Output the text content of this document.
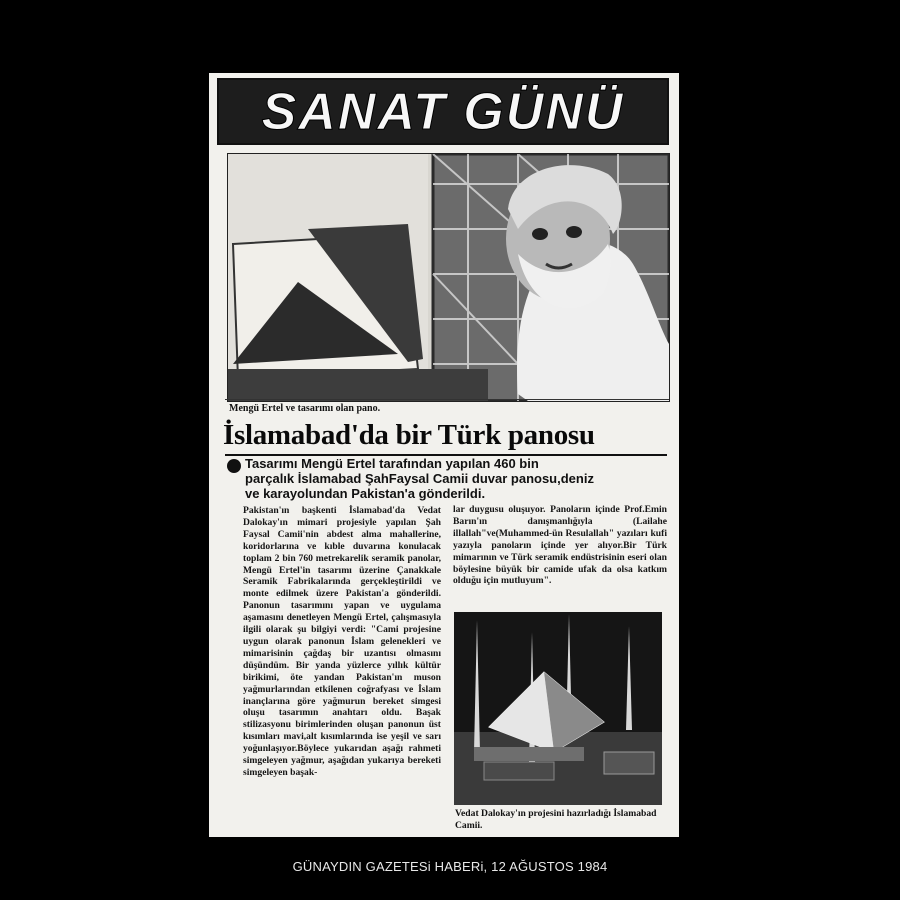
SANAT GÜNÜ
Mengü Ertel ve tasarımı olan pano.
İslamabad'da bir Türk panosu
Tasarımı Mengü Ertel tarafından yapılan 460 bin
parçalık İslamabad ŞahFaysal Camii duvar panosu,deniz
ve karayolundan Pakistan'a gönderildi.

Pakistan'ın başkenti İslamabad'da Vedat Dalokay'ın mimari projesiyle yapılan Şah Faysal Camii'nin abdest alma mahallerine, koridorlarına ve kıble duvarına konulacak toplam 2 bin 760 metrekarelik seramik panolar, Mengü Ertel'in tasarımı üzerine Çanakkale Seramik Fabrikalarında gerçekleştirildi ve monte edilmek üzere Pakistan'a gönderildi. Panonun tasarımını yapan ve uygulama aşamasını denetleyen Mengü Ertel, çalışmasıyla ilgili olarak şu bilgiyi verdi: "Cami projesine uygun olarak panonun İslam gelenekleri ve mimarisinin çağdaş bir uzantısı olmasını düşündüm. Bir yanda yüzlerce yıllık kültür birikimi, öte yandan Pakistan'ın muson yağmurlarından etkilenen coğrafyası ve İslam inançlarına göre yağmurun bereket simgesi oluşu tasarımın anahtarı oldu. Başak stilizasyonu birimlerinden oluşan panonun üst kısımları mavi,alt kısımlarında ise yeşil ve sarı yoğunlaşıyor.Böylece yukarıdan aşağı rahmeti simgeleyen yağmur, aşağıdan yukarıya bereketi simgeleyen başak-

lar duygusu oluşuyor. Panoların içinde Prof.Emin Barın'ın danışmanlığıyla (Lailahe illallah"ve(Muhammed-ün Resulallah" yazıları kufi yazıyla panoların içinde yer alıyor.Bir Türk mimarının ve Türk seramik endüstrisinin eseri olan böylesine büyük bir camide ufak da olsa katkım olduğu için mutluyum".

Vedat Dalokay'ın projesini hazırladığı İslamabad Camii.
GÜNAYDIN GAZETESi HABERi, 12 AĞUSTOS 1984
